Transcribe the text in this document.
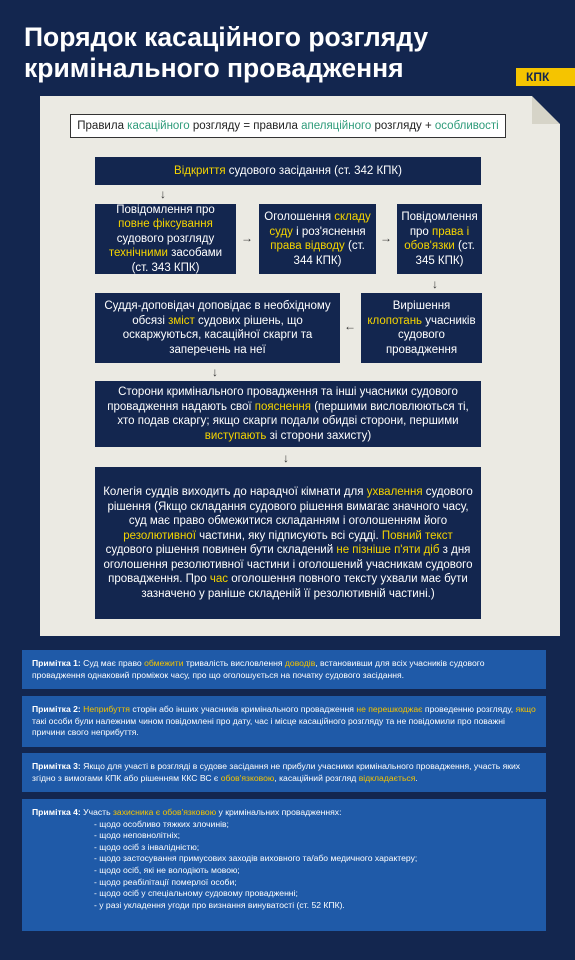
Порядок касаційного розгляду
кримінального провадження	КПК
Правила касаційного розгляду = правила апеляційного розгляду + особливості
Відкриття судового засідання (ст. 342 КПК)
↓
Повідомлення про повне фіксування судового розгляду технічними засобами (ст. 343 КПК)
→
Оголошення складу суду і роз'яснення права відводу (ст. 344 КПК)
→
Повідомлення про права і обов'язки (ст. 345 КПК)
↓
Суддя-доповідач доповідає в необхідному обсязі зміст судових рішень, що оскаржуються, касаційної скарги та заперечень на неї
←
Вирішення клопотань учасників судового провадження
↓
Сторони кримінального провадження та інші учасники судового провадження надають свої пояснення (першими висловлюються ті, хто подав скаргу; якщо скарги подали обидві сторони, першими виступають зі сторони захисту)
↓
Колегія суддів виходить до нарадчої кімнати для ухвалення судового рішення (Якщо складання судового рішення вимагає значного часу, суд має право обмежитися складанням і оголошенням його резолютивної частини, яку підписують всі судді. Повний текст судового рішення повинен бути складений не пізніше п'яти діб з дня оголошення резолютивної частини і оголошений учасникам судового провадження. Про час оголошення повного тексту ухвали має бути зазначено у раніше складеній її резолютивній частині.)
Примітка 1: Суд має право обмежити тривалість висловлення доводів, встановивши для всіх учасників судового провадження однаковий проміжок часу, про що оголошується на початку судового засідання.
Примітка 2: Неприбуття сторін або інших учасників кримінального провадження не перешкоджає проведенню розгляду, якщо такі особи були належним чином повідомлені про дату, час і місце касаційного розгляду та не повідомили про поважні причини свого неприбуття.
Примітка 3: Якщо для участі в розгляді в судове засідання не прибули учасники кримінального провадження, участь яких згідно з вимогами КПК або рішенням ККС ВС є обов'язковою, касаційний розгляд відкладається.
Примітка 4: Участь захисника є обов'язковою у кримінальних провадженнях:
- щодо особливо тяжких злочинів;
- щодо неповнолітніх;
- щодо осіб з інвалідністю;
- щодо застосування примусових заходів виховного та/або медичного характеру;
- щодо осіб, які не володіють мовою;
- щодо реабілітації померлої особи;
- щодо осіб у спеціальному судовому провадженні;
- у разі укладення угоди про визнання винуватості (ст. 52 КПК).
